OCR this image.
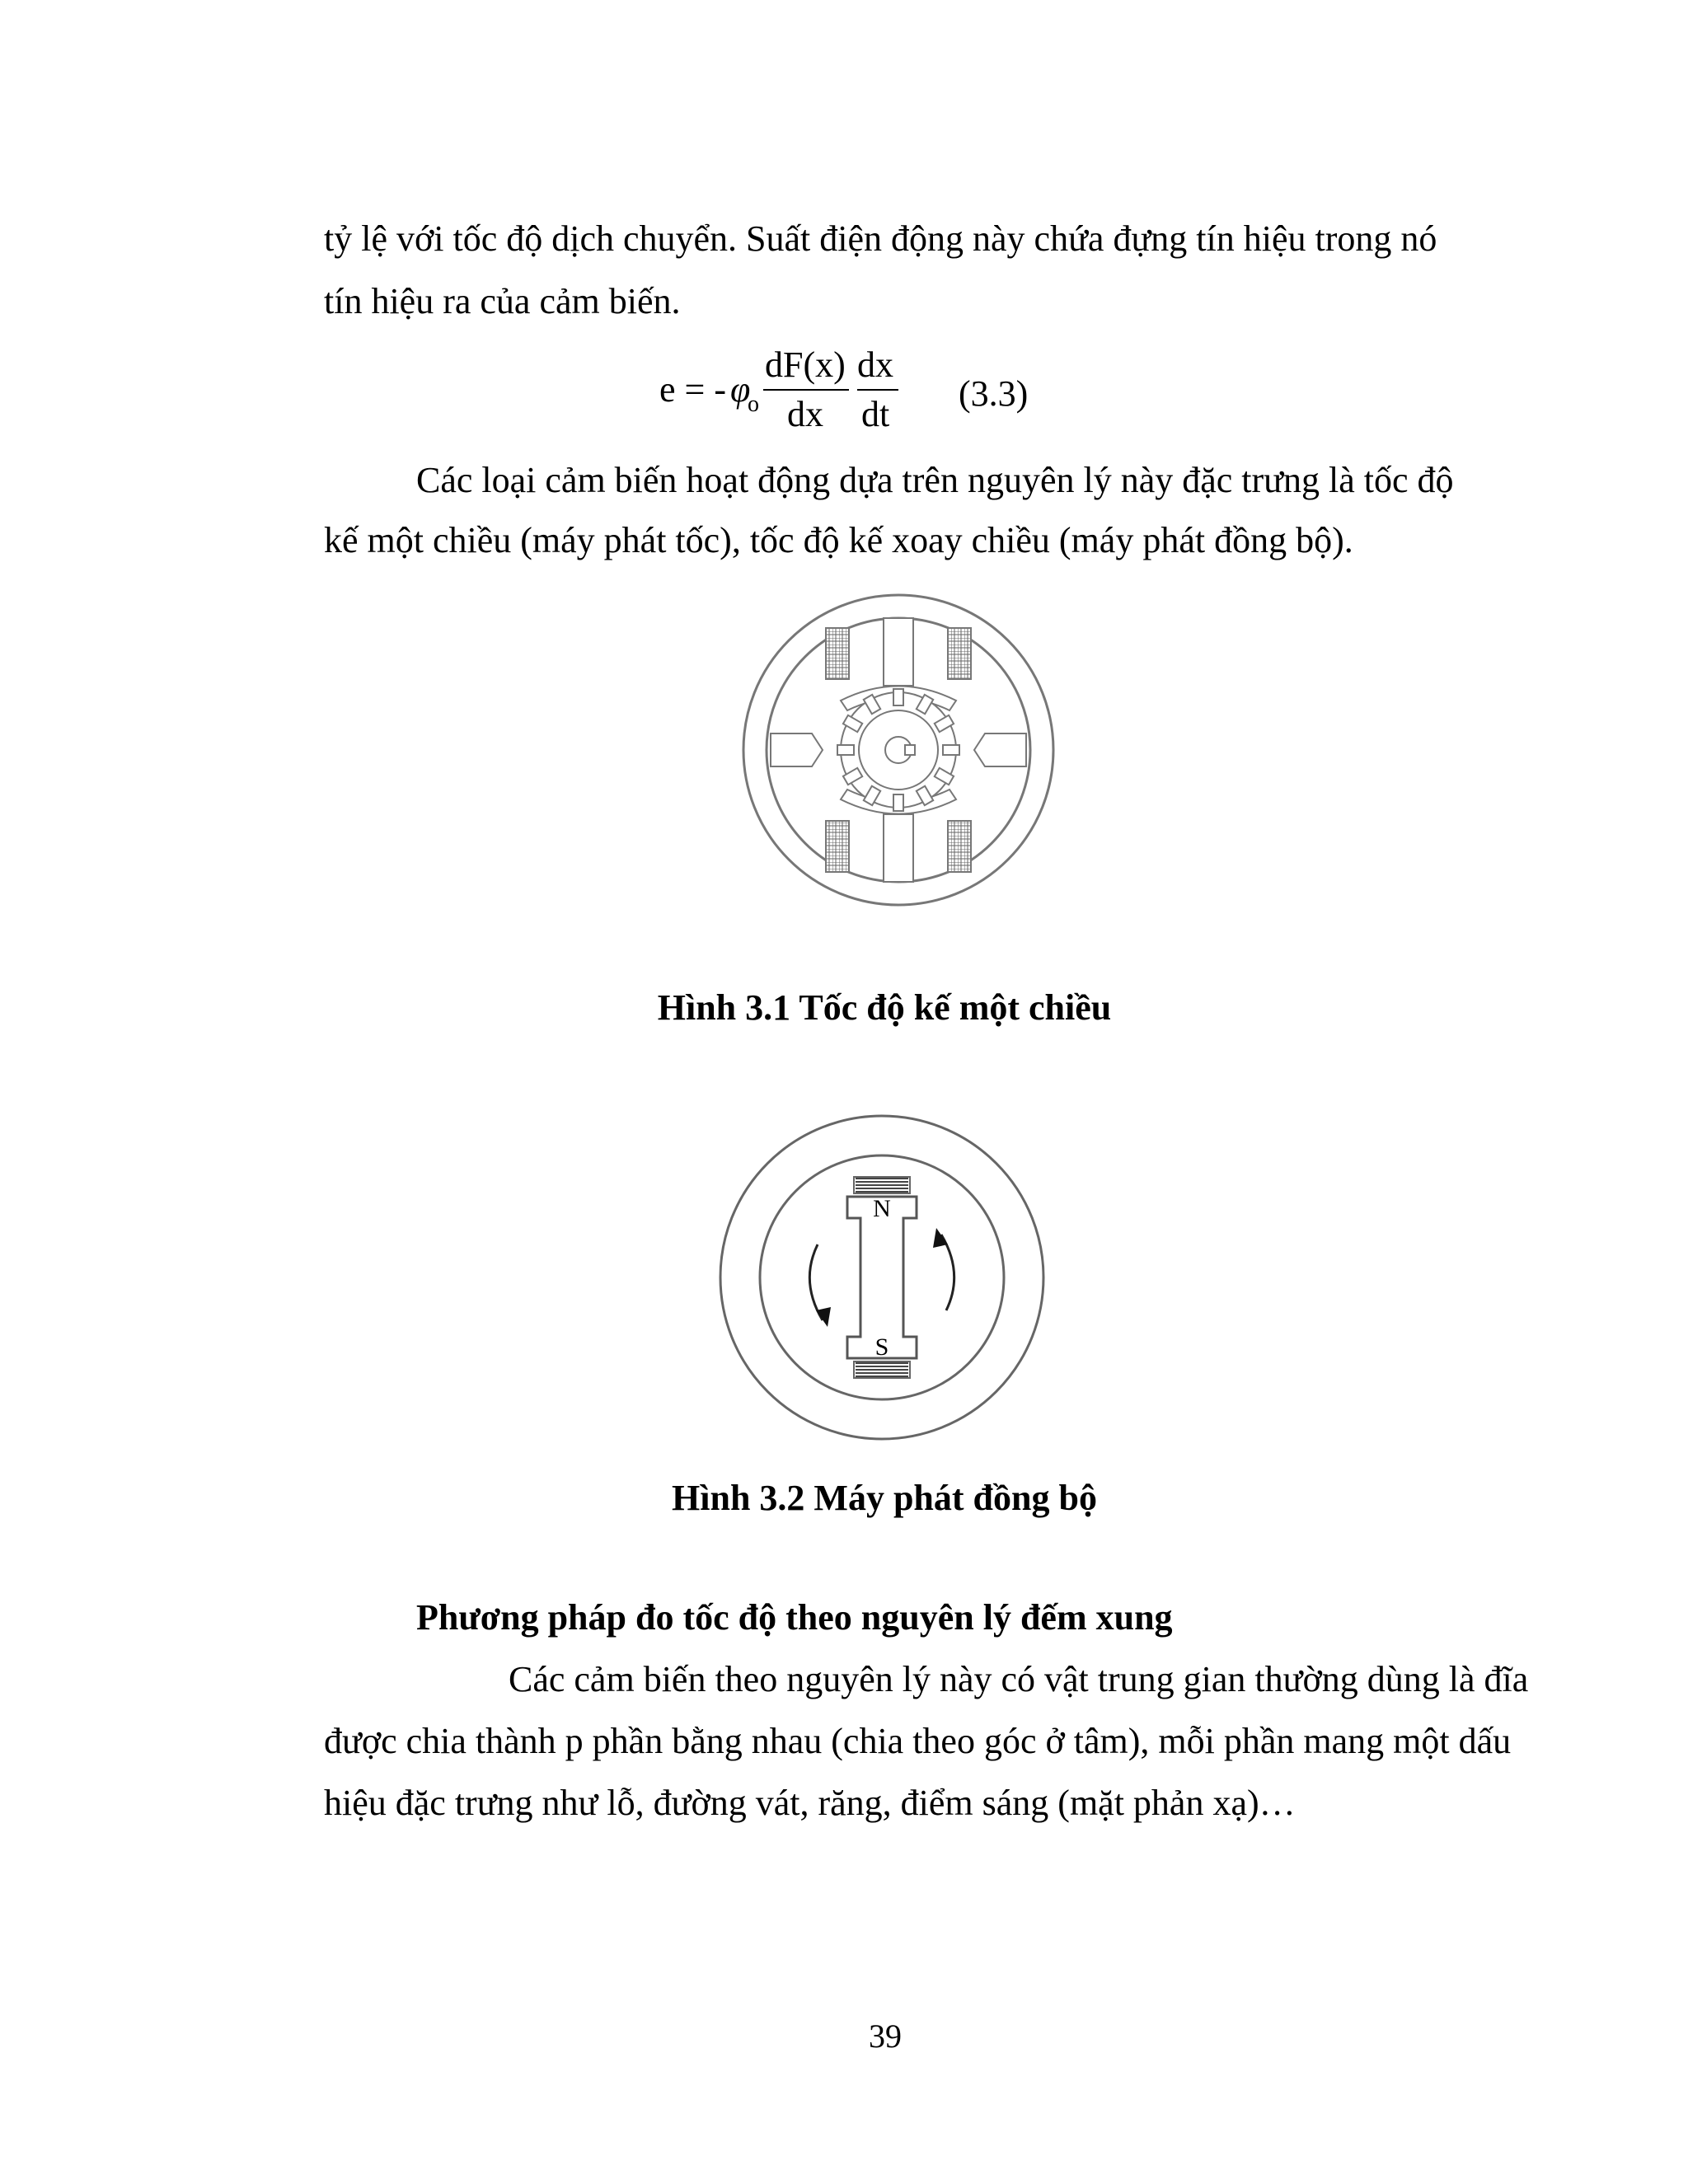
tỷ lệ với tốc độ dịch chuyển. Suất điện động này chứa đựng tín hiệu trong nó
tín hiệu ra của cảm biến.
e = - φ
o
dF(x)
dx
dx
dt
(3.3)
Các loại cảm biến hoạt động dựa trên nguyên lý này đặc trưng là tốc độ
kế một chiều (máy phát tốc), tốc độ kế xoay chiều (máy phát đồng bộ).
Hình 3.1 Tốc độ kế một chiều
N
S
Hình 3.2 Máy phát đồng bộ
Phương pháp đo tốc độ theo nguyên lý đếm xung
Các cảm biến theo nguyên lý này có vật trung gian thường dùng là đĩa
được chia thành p phần bằng nhau (chia theo góc ở tâm), mỗi phần mang một dấu
hiệu đặc trưng như lỗ, đường vát, răng, điểm sáng (mặt phản xạ)…
39
